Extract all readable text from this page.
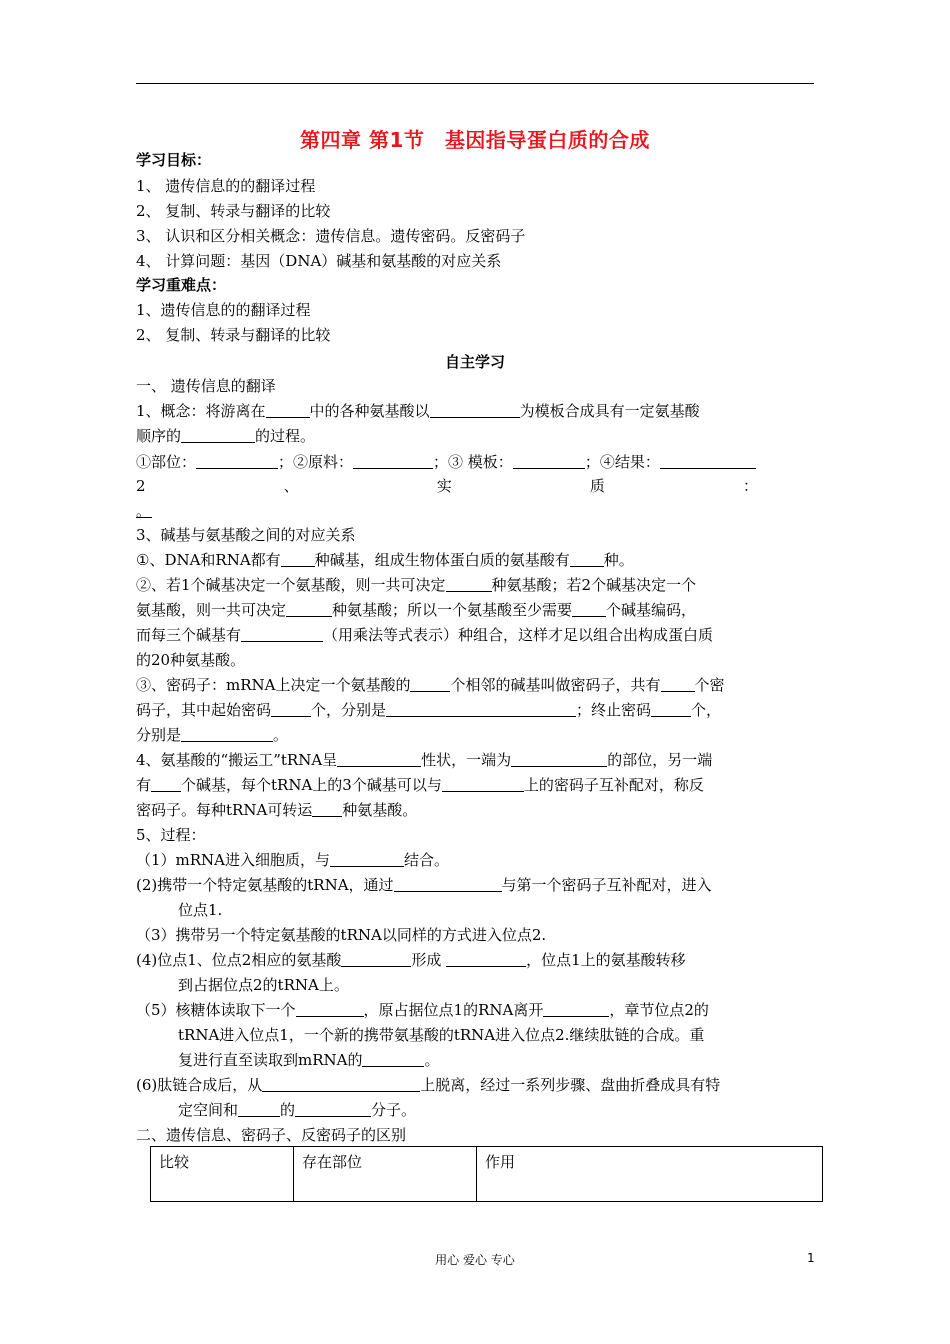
第四章 第1节　基因指导蛋白质的合成
学习目标：
1、 遗传信息的的翻译过程
2、 复制、转录与翻译的比较
3、 认识和区分相关概念：遗传信息。遗传密码。反密码子
4、 计算问题：基因（DNA）碱基和氨基酸的对应关系
学习重难点：
1、遗传信息的的翻译过程
2、 复制、转录与翻译的比较
自主学习
一、 遗传信息的翻译
1、概念：将游离在	中的各种氨基酸以	为模板合成具有一定氨基酸
顺序的	的过程。
①部位：	；②原料：	；③ 模板：	；④结果：
2	、	实	质	：
。
3、碱基与氨基酸之间的对应关系
①、DNA和RNA都有 种碱基，组成生物体蛋白质的氨基酸有 种。
②、若1个碱基决定一个氨基酸，则一共可决定	种氨基酸；若2个碱基决定一个
氨基酸，则一共可决定	种氨基酸；所以一个氨基酸至少需要 个碱基编码，
而每三个碱基有	（用乘法等式表示）种组合，这样才足以组合出构成蛋白质
的20种氨基酸。
③、密码子：mRNA上决定一个氨基酸的	个相邻的碱基叫做密码子，共有 个密
码子，其中起始密码	个，分别是	；终止密码	个，
分别是	。
4、氨基酸的“搬运工”tRNA呈	性状，一端为	的部位，另一端
有 个碱基，每个tRNA上的3个碱基可以与	上的密码子互补配对，称反
密码子。每种tRNA可转运 种氨基酸。
5、过程：
（1）mRNA进入细胞质，与	结合。
(2)携带一个特定氨基酸的tRNA，通过	与第一个密码子互补配对，进入
位点1.
（3）携带另一个特定氨基酸的tRNA以同样的方式进入位点2.
(4)位点1、位点2相应的氨基酸	形成	，位点1上的氨基酸转移
到占据位点2的tRNA上。
（5）核糖体读取下一个	，原占据位点1的RNA离开	，章节位点2的
tRNA进入位点1，一个新的携带氨基酸的tRNA进入位点2.继续肽链的合成。重
复进行直至读取到mRNA的	。
(6)肽链合成后，从	上脱离，经过一系列步骤、盘曲折叠成具有特
定空间和	的	分子。
二、遗传信息、密码子、反密码子的区别
比较	存在部位	作用
用心 爱心 专心	1
